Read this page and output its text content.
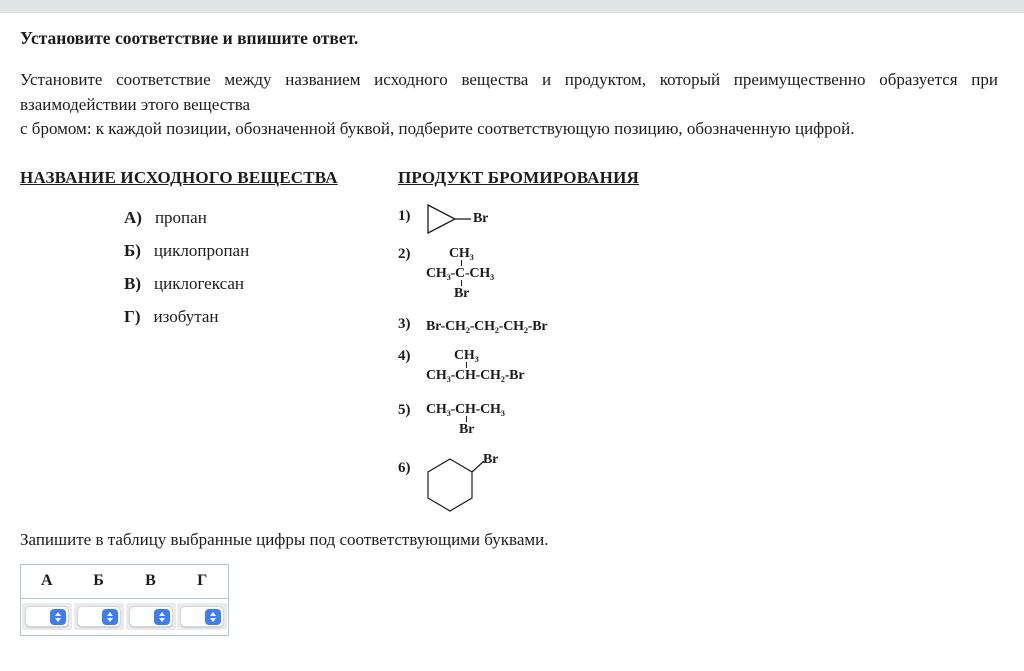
Установите соответствие и впишите ответ.
Установите соответствие между названием исходного вещества и продуктом, который преимущественно образуется при взаимодействии этого вещества
с бромом: к каждой позиции, обозначенной буквой, подберите соответствующую позицию, обозначенную цифрой.
НАЗВАНИЕ ИСХОДНОГО ВЕЩЕСТВА
А) пропан
Б) циклопропан
В) циклогексан
Г) изобутан
ПРОДУКТ БРОМИРОВАНИЯ
1)	Br
2)	CH₃
CH₃-C-CH₃
Br
3)	Br-CH₂-CH₂-CH₂-Br
4)	CH₃
CH₃-CH-CH₂-Br
5)	CH₃-CH-CH₃
Br
6)
Br

Запишите в таблицу выбранные цифры под соответствующими буквами.

А	Б	В	Г
